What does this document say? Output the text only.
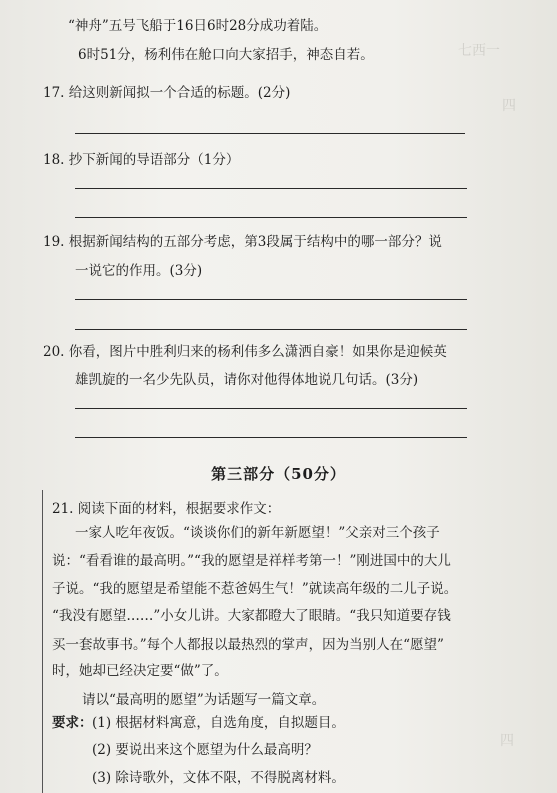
七西一
四
四
“神舟”五号飞船于16日6时28分成功着陆。
6时51分，杨利伟在舱口向大家招手，神态自若。
17. 给这则新闻拟一个合适的标题。(2分)
18. 抄下新闻的导语部分（1分）
19. 根据新闻结构的五部分考虑，第3段属于结构中的哪一部分？说
一说它的作用。(3分)
20. 你看，图片中胜利归来的杨利伟多么潇洒自豪！如果你是迎候英
雄凯旋的一名少先队员，请你对他得体地说几句话。(3分)
第三部分（50分）
21. 阅读下面的材料，根据要求作文：
一家人吃年夜饭。“谈谈你们的新年新愿望！”父亲对三个孩子
说：“看看谁的最高明。”“我的愿望是祥样考第一！”刚进国中的大儿
子说。“我的愿望是希望能不惹爸妈生气！”就读高年级的二儿子说。
“我没有愿望……”小女儿讲。大家都瞪大了眼睛。“我只知道要存钱
买一套故事书。”每个人都报以最热烈的掌声，因为当别人在“愿望”
时，她却已经决定要“做”了。
请以“最高明的愿望”为话题写一篇文章。
要求： (1) 根据材料寓意，自选角度，自拟题目。
(2) 要说出来这个愿望为什么最高明？
(3) 除诗歌外，文体不限，不得脱离材料。
